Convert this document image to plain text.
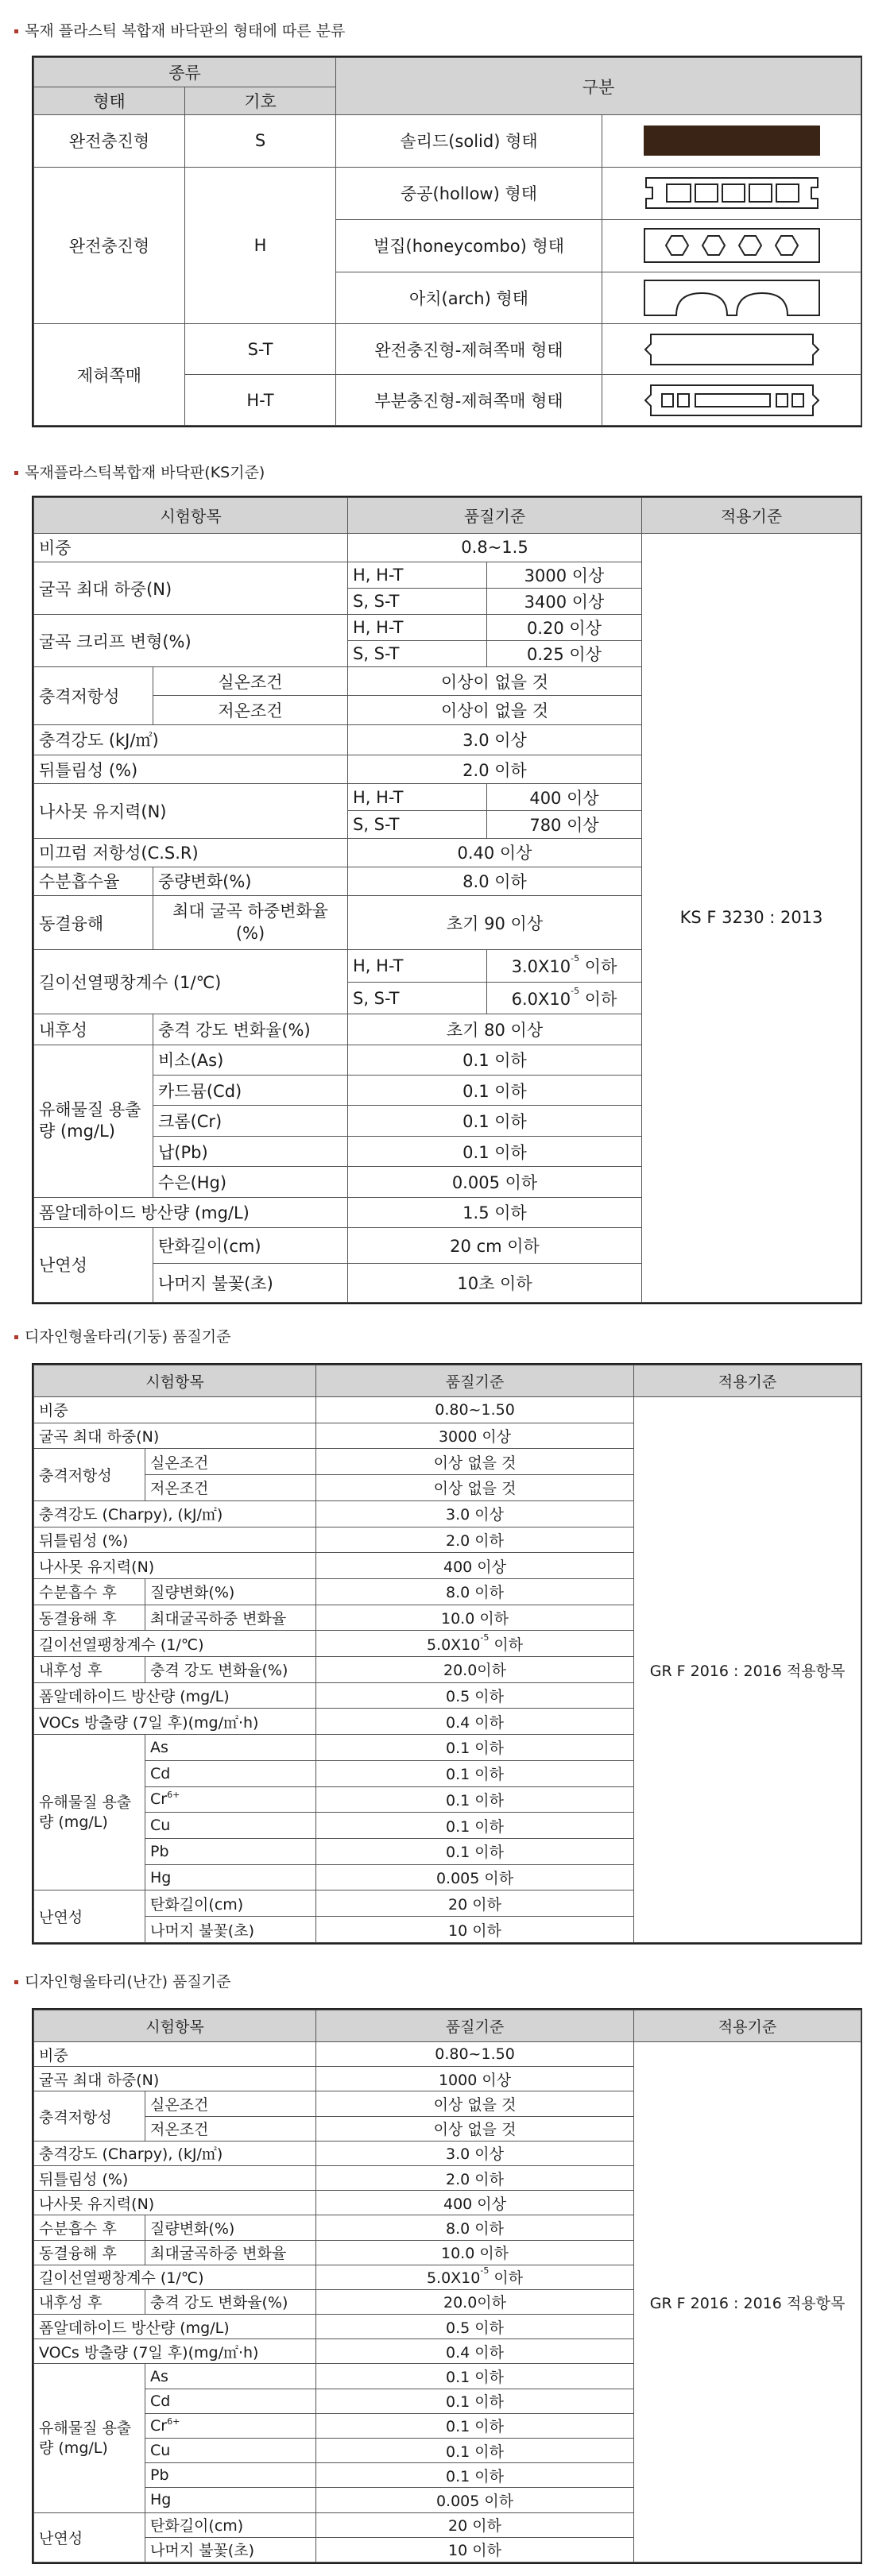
목재 플라스틱 복합재 바닥판의 형태에 따른 분류
종류		구분	
형태	기호		
완전충진형	S	솔리드(solid) 형태	

완전충진형	H	중공(hollow) 형태	

		벌집(honeycombo) 형태	

		아치(arch) 형태	

제혀쪽매	S-T	완전충진형-제혀쪽매 형태	

	H-T	부분충진형-제혀쪽매 형태	
목재플라스틱복합재 바닥판(KS기준)
시험항목		품질기준		적용기준
비중		0.8~1.5		KS F 3230 : 2013
굴곡 최대 하중(N)		H, H-T	3000 이상	
		S, S-T	3400 이상	
굴곡 크리프 변형(%)		H, H-T	0.20 이상	
		S, S-T	0.25 이상	
충격저항성	실온조건	이상이 없을 것		
	저온조건	이상이 없을 것		
충격강도 (kJ/㎡)		3.0 이상		
뒤틀림성 (%)		2.0 이하		
나사못 유지력(N)		H, H-T	400 이상	
		S, S-T	780 이상	
미끄럼 저항성(C.S.R)		0.40 이상		
수분흡수율	중량변화(%)	8.0 이하		
동결융해	최대 굴곡 하중변화율(%)	초기 90 이상		
길이선열팽창계수 (1/℃)		H, H-T	$3.0X10^{-5}$ 이하	
		S, S-T	$6.0X10^{-5}$ 이하	
내후성	충격 강도 변화율(%)	초기 80 이상		
유해물질 용출량 (mg/L)	비소(As)	0.1 이하		
	카드뮴(Cd)	0.1 이하		
	크롬(Cr)	0.1 이하		
	납(Pb)	0.1 이하		
	수은(Hg)	0.005 이하		
폼알데하이드 방산량 (mg/L)		1.5 이하		
난연성	탄화길이(cm)	20 cm 이하		
	나머지 불꽃(초)	10초 이하		
디자인형울타리(기둥) 품질기준
시험항목		품질기준	적용기준
비중		0.80~1.50	GR F 2016 : 2016 적용항목
굴곡 최대 하중(N)		3000 이상	
충격저항성	실온조건	이상 없을 것	
	저온조건	이상 없을 것	
충격강도 (Charpy), (kJ/㎡)		3.0 이상	
뒤틀림성 (%)		2.0 이하	
나사못 유지력(N)		400 이상	
수분흡수 후	질량변화(%)	8.0 이하	
동결융해 후	최대굴곡하중 변화율	10.0 이하	
길이선열팽창계수 (1/℃)		$5.0X10^{-5}$ 이하	
내후성 후	충격 강도 변화율(%)	20.0이하	
폼알데하이드 방산량 (mg/L)		0.5 이하	
VOCs 방출량 (7일 후)(mg/㎡·h)		0.4 이하	
유해물질 용출량 (mg/L)	As	0.1 이하	
	Cd	0.1 이하	
	$Cr^{6+}$	0.1 이하	
	Cu	0.1 이하	
	Pb	0.1 이하	
	Hg	0.005 이하	
난연성	탄화길이(cm)	20 이하	
	나머지 불꽃(초)	10 이하	
디자인형울타리(난간) 품질기준
시험항목		품질기준	적용기준
비중		0.80~1.50	GR F 2016 : 2016 적용항목
굴곡 최대 하중(N)		1000 이상	
충격저항성	실온조건	이상 없을 것	
	저온조건	이상 없을 것	
충격강도 (Charpy), (kJ/㎡)		3.0 이상	
뒤틀림성 (%)		2.0 이하	
나사못 유지력(N)		400 이상	
수분흡수 후	질량변화(%)	8.0 이하	
동결융해 후	최대굴곡하중 변화율	10.0 이하	
길이선열팽창계수 (1/℃)		$5.0X10^{-5}$ 이하	
내후성 후	충격 강도 변화율(%)	20.0이하	
폼알데하이드 방산량 (mg/L)		0.5 이하	
VOCs 방출량 (7일 후)(mg/㎡·h)		0.4 이하	
유해물질 용출량 (mg/L)	As	0.1 이하	
	Cd	0.1 이하	
	$Cr^{6+}$	0.1 이하	
	Cu	0.1 이하	
	Pb	0.1 이하	
	Hg	0.005 이하	
난연성	탄화길이(cm)	20 이하	
	나머지 불꽃(초)	10 이하	
